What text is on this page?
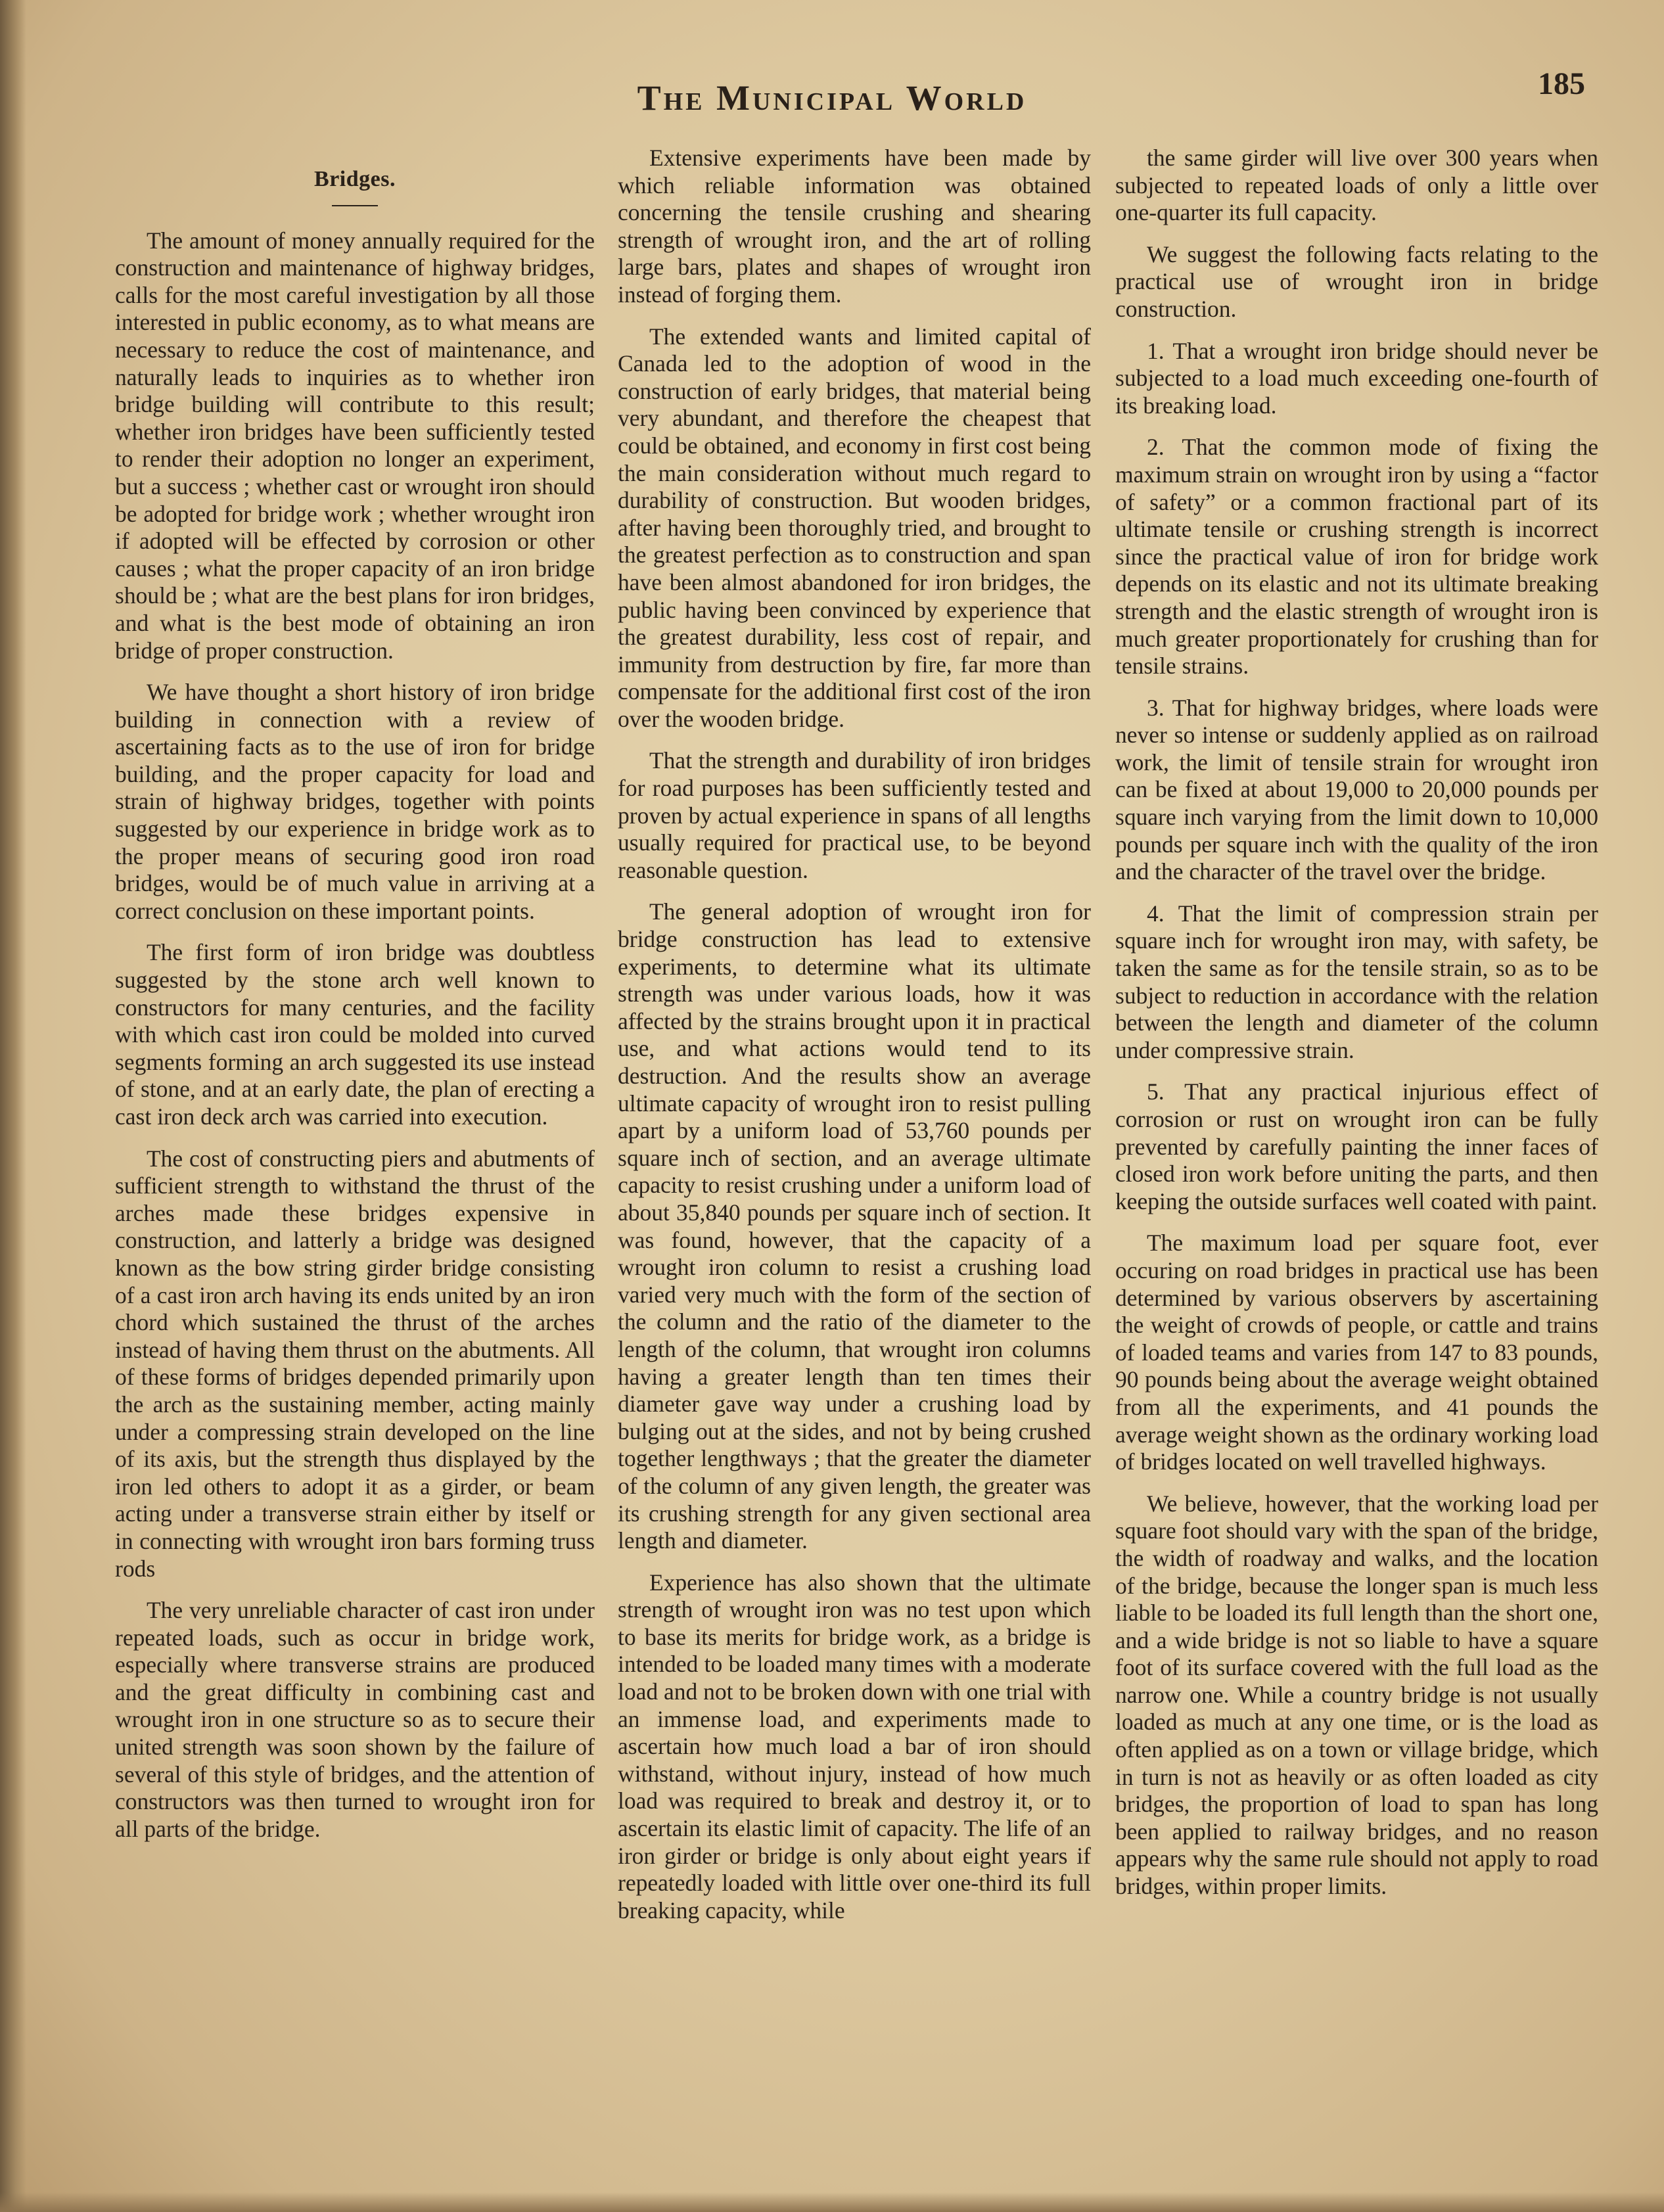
The Municipal World	185
Bridges.

The amount of money annually required for the construction and maintenance of highway bridges, calls for the most careful investigation by all those interested in public economy, as to what means are necessary to reduce the cost of maintenance, and naturally leads to inquiries as to whether iron bridge building will contribute to this result; whether iron bridges have been sufficiently tested to render their adoption no longer an experiment, but a success ; whether cast or wrought iron should be adopted for bridge work ; whether wrought iron if adopted will be effected by corrosion or other causes ; what the proper capacity of an iron bridge should be ; what are the best plans for iron bridges, and what is the best mode of obtaining an iron bridge of proper construction.

We have thought a short history of iron bridge building in connection with a review of ascertaining facts as to the use of iron for bridge building, and the proper capacity for load and strain of highway bridges, together with points suggested by our experience in bridge work as to the proper means of securing good iron road bridges, would be of much value in arriving at a correct conclusion on these important points.

The first form of iron bridge was doubtless suggested by the stone arch well known to constructors for many centuries, and the facility with which cast iron could be molded into curved segments forming an arch suggested its use instead of stone, and at an early date, the plan of erecting a cast iron deck arch was carried into execution.

The cost of constructing piers and abutments of sufficient strength to withstand the thrust of the arches made these bridges expensive in construction, and latterly a bridge was designed known as the bow string girder bridge consisting of a cast iron arch having its ends united by an iron chord which sustained the thrust of the arches instead of having them thrust on the abutments. All of these forms of bridges depended primarily upon the arch as the sustaining member, acting mainly under a compressing strain developed on the line of its axis, but the strength thus displayed by the iron led others to adopt it as a girder, or beam acting under a transverse strain either by itself or in connecting with wrought iron bars forming truss rods

The very unreliable character of cast iron under repeated loads, such as occur in bridge work, especially where transverse strains are produced and the great difficulty in combining cast and wrought iron in one structure so as to secure their united strength was soon shown by the failure of several of this style of bridges, and the attention of constructors was then turned to wrought iron for all parts of the bridge.

Extensive experiments have been made by which reliable information was obtained concerning the tensile crushing and shearing strength of wrought iron, and the art of rolling large bars, plates and shapes of wrought iron instead of forging them.

The extended wants and limited capital of Canada led to the adoption of wood in the construction of early bridges, that material being very abundant, and therefore the cheapest that could be obtained, and economy in first cost being the main consideration without much regard to durability of construction. But wooden bridges, after having been thoroughly tried, and brought to the greatest perfection as to construction and span have been almost abandoned for iron bridges, the public having been convinced by experience that the greatest durability, less cost of repair, and immunity from destruction by fire, far more than compensate for the additional first cost of the iron over the wooden bridge.

That the strength and durability of iron bridges for road purposes has been sufficiently tested and proven by actual experience in spans of all lengths usually required for practical use, to be beyond reasonable question.

The general adoption of wrought iron for bridge construction has lead to extensive experiments, to determine what its ultimate strength was under various loads, how it was affected by the strains brought upon it in practical use, and what actions would tend to its destruction. And the results show an average ultimate capacity of wrought iron to resist pulling apart by a uniform load of 53,760 pounds per square inch of section, and an average ultimate capacity to resist crushing under a uniform load of about 35,840 pounds per square inch of section. It was found, however, that the capacity of a wrought iron column to resist a crushing load varied very much with the form of the section of the column and the ratio of the diameter to the length of the column, that wrought iron columns having a greater length than ten times their diameter gave way under a crushing load by bulging out at the sides, and not by being crushed together lengthways ; that the greater the diameter of the column of any given length, the greater was its crushing strength for any given sectional area length and diameter.

Experience has also shown that the ultimate strength of wrought iron was no test upon which to base its merits for bridge work, as a bridge is intended to be loaded many times with a moderate load and not to be broken down with one trial with an immense load, and experiments made to ascertain how much load a bar of iron should withstand, without injury, instead of how much load was required to break and destroy it, or to ascertain its elastic limit of capacity. The life of an iron girder or bridge is only about eight years if repeatedly loaded with little over one-third its full breaking capacity, while

the same girder will live over 300 years when subjected to repeated loads of only a little over one-quarter its full capacity.

We suggest the following facts relating to the practical use of wrought iron in bridge construction.

1. That a wrought iron bridge should never be subjected to a load much exceeding one-fourth of its breaking load.

2. That the common mode of fixing the maximum strain on wrought iron by using a “factor of safety” or a common fractional part of its ultimate tensile or crushing strength is incorrect since the practical value of iron for bridge work depends on its elastic and not its ultimate breaking strength and the elastic strength of wrought iron is much greater proportionately for crushing than for tensile strains.

3. That for highway bridges, where loads were never so intense or suddenly applied as on railroad work, the limit of tensile strain for wrought iron can be fixed at about 19,000 to 20,000 pounds per square inch varying from the limit down to 10,000 pounds per square inch with the quality of the iron and the character of the travel over the bridge.

4. That the limit of compression strain per square inch for wrought iron may, with safety, be taken the same as for the tensile strain, so as to be subject to reduction in accordance with the relation between the length and diameter of the column under compressive strain.

5. That any practical injurious effect of corrosion or rust on wrought iron can be fully prevented by carefully painting the inner faces of closed iron work before uniting the parts, and then keeping the outside surfaces well coated with paint.

The maximum load per square foot, ever occuring on road bridges in practical use has been determined by various observers by ascertaining the weight of crowds of people, or cattle and trains of loaded teams and varies from 147 to 83 pounds, 90 pounds being about the average weight obtained from all the experiments, and 41 pounds the average weight shown as the ordinary working load of bridges located on well travelled highways.

We believe, however, that the working load per square foot should vary with the span of the bridge, the width of roadway and walks, and the location of the bridge, because the longer span is much less liable to be loaded its full length than the short one, and a wide bridge is not so liable to have a square foot of its surface covered with the full load as the narrow one. While a country bridge is not usually loaded as much at any one time, or is the load as often applied as on a town or village bridge, which in turn is not as heavily or as often loaded as city bridges, the proportion of load to span has long been applied to railway bridges, and no reason appears why the same rule should not apply to road bridges, within proper limits.
